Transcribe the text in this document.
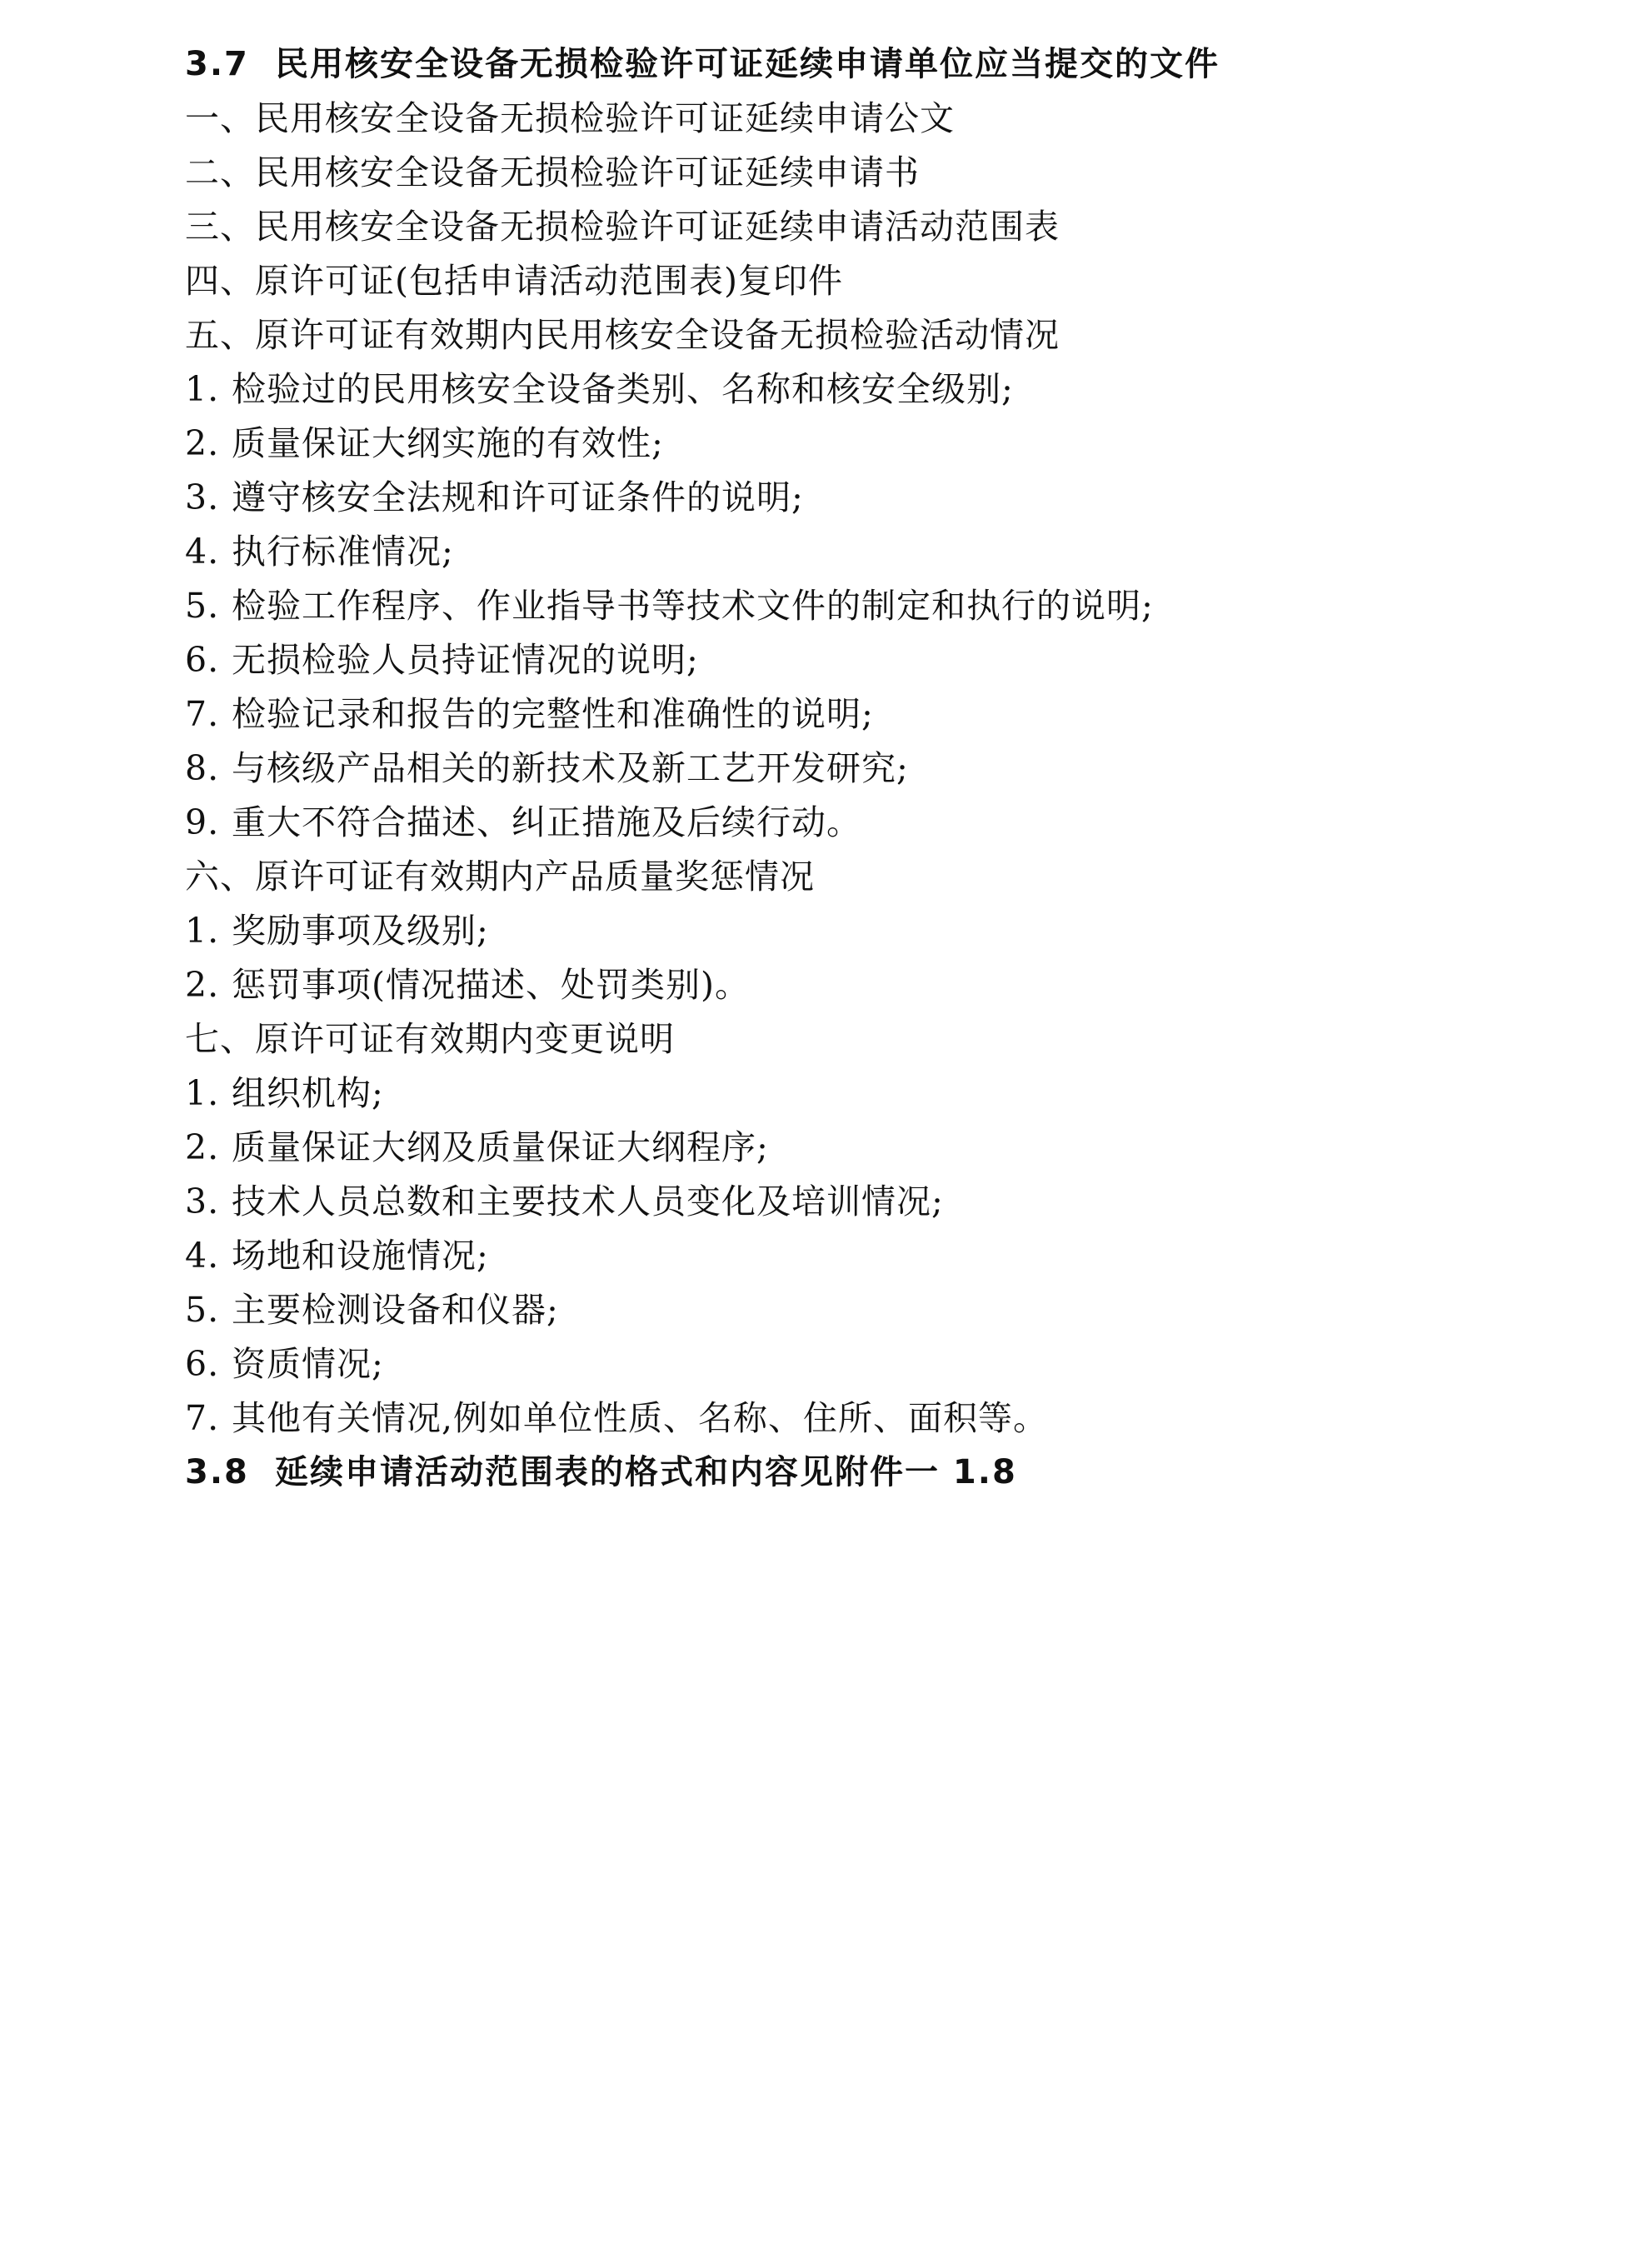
3.7 民用核安全设备无损检验许可证延续申请单位应当提交的文件
一、民用核安全设备无损检验许可证延续申请公文
二、民用核安全设备无损检验许可证延续申请书
三、民用核安全设备无损检验许可证延续申请活动范围表
四、原许可证(包括申请活动范围表)复印件
五、原许可证有效期内民用核安全设备无损检验活动情况
1. 检验过的民用核安全设备类别、名称和核安全级别;
2. 质量保证大纲实施的有效性;
3. 遵守核安全法规和许可证条件的说明;
4. 执行标准情况;
5. 检验工作程序、作业指导书等技术文件的制定和执行的说明;
6. 无损检验人员持证情况的说明;
7. 检验记录和报告的完整性和准确性的说明;
8. 与核级产品相关的新技术及新工艺开发研究;
9. 重大不符合描述、纠正措施及后续行动。
六、原许可证有效期内产品质量奖惩情况
1. 奖励事项及级别;
2. 惩罚事项(情况描述、处罚类别)。
七、原许可证有效期内变更说明
1. 组织机构;
2. 质量保证大纲及质量保证大纲程序;
3. 技术人员总数和主要技术人员变化及培训情况;
4. 场地和设施情况;
5. 主要检测设备和仪器;
6. 资质情况;
7. 其他有关情况,例如单位性质、名称、住所、面积等。
3.8 延续申请活动范围表的格式和内容见附件一 1.8
